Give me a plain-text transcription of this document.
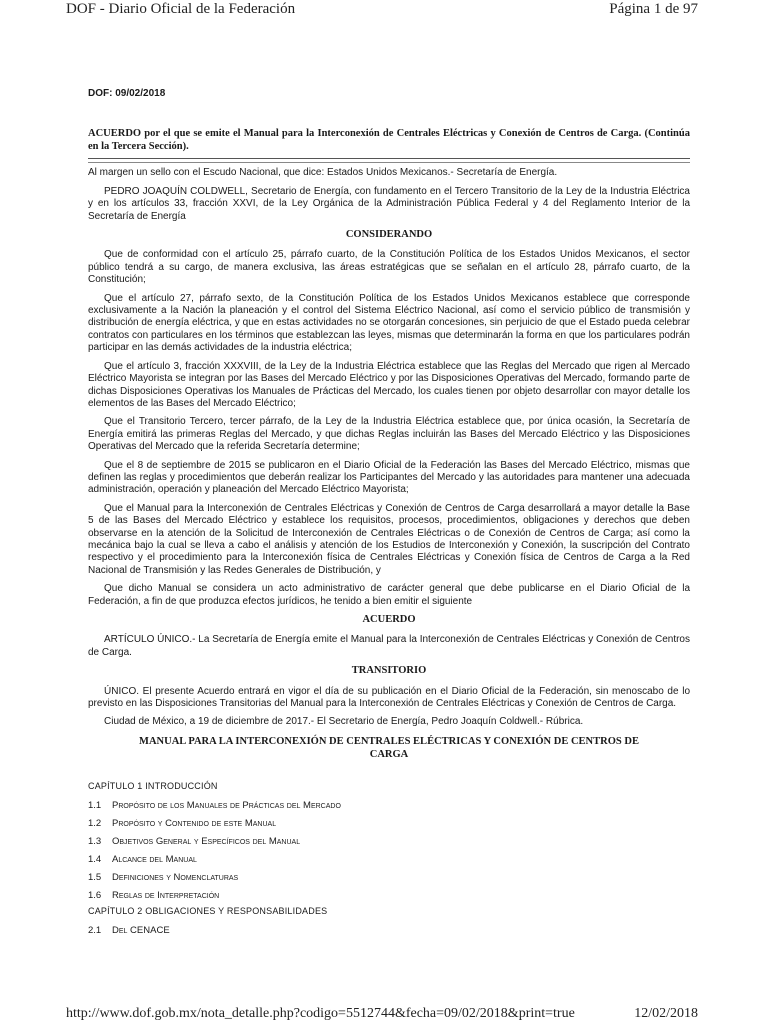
DOF - Diario Oficial de la Federación	Página 1 de 97
DOF: 09/02/2018
ACUERDO por el que se emite el Manual para la Interconexión de Centrales Eléctricas y Conexión de Centros de Carga. (Continúa en la Tercera Sección).

Al margen un sello con el Escudo Nacional, que dice: Estados Unidos Mexicanos.- Secretaría de Energía.

PEDRO JOAQUÍN COLDWELL, Secretario de Energía, con fundamento en el Tercero Transitorio de la Ley de la Industria Eléctrica y en los artículos 33, fracción XXVI, de la Ley Orgánica de la Administración Pública Federal y 4 del Reglamento Interior de la Secretaría de Energía

CONSIDERANDO

Que de conformidad con el artículo 25, párrafo cuarto, de la Constitución Política de los Estados Unidos Mexicanos, el sector público tendrá a su cargo, de manera exclusiva, las áreas estratégicas que se señalan en el artículo 28, párrafo cuarto, de la Constitución;

Que el artículo 27, párrafo sexto, de la Constitución Política de los Estados Unidos Mexicanos establece que corresponde exclusivamente a la Nación la planeación y el control del Sistema Eléctrico Nacional, así como el servicio público de transmisión y distribución de energía eléctrica, y que en estas actividades no se otorgarán concesiones, sin perjuicio de que el Estado pueda celebrar contratos con particulares en los términos que establezcan las leyes, mismas que determinarán la forma en que los particulares podrán participar en las demás actividades de la industria eléctrica;

Que el artículo 3, fracción XXXVIII, de la Ley de la Industria Eléctrica establece que las Reglas del Mercado que rigen al Mercado Eléctrico Mayorista se integran por las Bases del Mercado Eléctrico y por las Disposiciones Operativas del Mercado, formando parte de dichas Disposiciones Operativas los Manuales de Prácticas del Mercado, los cuales tienen por objeto desarrollar con mayor detalle los elementos de las Bases del Mercado Eléctrico;

Que el Transitorio Tercero, tercer párrafo, de la Ley de la Industria Eléctrica establece que, por única ocasión, la Secretaría de Energía emitirá las primeras Reglas del Mercado, y que dichas Reglas incluirán las Bases del Mercado Eléctrico y las Disposiciones Operativas del Mercado que la referida Secretaría determine;

Que el 8 de septiembre de 2015 se publicaron en el Diario Oficial de la Federación las Bases del Mercado Eléctrico, mismas que definen las reglas y procedimientos que deberán realizar los Participantes del Mercado y las autoridades para mantener una adecuada administración, operación y planeación del Mercado Eléctrico Mayorista;

Que el Manual para la Interconexión de Centrales Eléctricas y Conexión de Centros de Carga desarrollará a mayor detalle la Base 5 de las Bases del Mercado Eléctrico y establece los requisitos, procesos, procedimientos, obligaciones y derechos que deben observarse en la atención de la Solicitud de Interconexión de Centrales Eléctricas o de Conexión de Centros de Carga; así como la mecánica bajo la cual se lleva a cabo el análisis y atención de los Estudios de Interconexión y Conexión, la suscripción del Contrato respectivo y el procedimiento para la Interconexión física de Centrales Eléctricas y Conexión física de Centros de Carga a la Red Nacional de Transmisión y las Redes Generales de Distribución, y

Que dicho Manual se considera un acto administrativo de carácter general que debe publicarse en el Diario Oficial de la Federación, a fin de que produzca efectos jurídicos, he tenido a bien emitir el siguiente

ACUERDO

ARTÍCULO ÚNICO.- La Secretaría de Energía emite el Manual para la Interconexión de Centrales Eléctricas y Conexión de Centros de Carga.

TRANSITORIO

ÚNICO. El presente Acuerdo entrará en vigor el día de su publicación en el Diario Oficial de la Federación, sin menoscabo de lo previsto en las Disposiciones Transitorias del Manual para la Interconexión de Centrales Eléctricas y Conexión de Centros de Carga.

Ciudad de México, a 19 de diciembre de 2017.- El Secretario de Energía, Pedro Joaquín Coldwell.- Rúbrica.

MANUAL PARA LA INTERCONEXIÓN DE CENTRALES ELÉCTRICAS Y CONEXIÓN DE CENTROS DE CARGA
CAPÍTULO 1 INTRODUCCIÓN
1.1	Propósito de los Manuales de Prácticas del Mercado
1.2	Propósito y Contenido de este Manual
1.3	Objetivos General y Específicos del Manual
1.4	Alcance del Manual
1.5	Definiciones y Nomenclaturas
1.6	Reglas de Interpretación
CAPÍTULO 2 OBLIGACIONES Y RESPONSABILIDADES
2.1	Del CENACE
http://www.dof.gob.mx/nota_detalle.php?codigo=5512744&fecha=09/02/2018&print=true	12/02/2018
